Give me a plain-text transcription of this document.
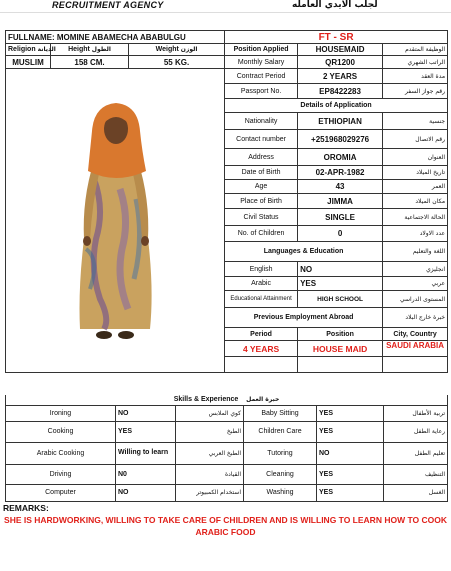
RECRUITMENT AGENCY	لجلب الايدي العامله
FULLNAME: MOMINE ABAMECHA ABABULGU			FT - SR		
Religion الديانة	Height الطول	Weight الوزن	Position Applied	HOUSEMAID	الوظيفة المتقدم
MUSLIM	158 CM.	55 KG.	Monthly Salary	QR1200	الراتب الشهري
	Contract Period	2 YEARS	مدة العقد
			Passport No.	EP8422283	رقم جواز السفر
			Details of Application		
			Nationality	ETHIOPIAN	جنسية
			Contact number	+251968029276	رقم الاتصال
			Address	OROMIA	العنوان
			Date of Birth	02-APR-1982	تاريخ الميلاد
			Age	43	العمر
			Place of Birth	JIMMA	مكان الميلاد
			Civil Status	SINGLE	الحالة الاجتماعية
			No. of Children	0	عدد الاولاد
			Languages & Education		اللغة والتعليم
			English	NO	انجليزي
			Arabic	YES	عربي
			Educational Attainment	HIGH SCHOOL	المستوى الدراسي
			Previous Employment Abroad		خبرة خارج البلاد
			Period	Position	City, Country
			4 YEARS	HOUSE MAID	SAUDI ARABIA

Skills & Experience خبرة العمل					
Ironing	NO	كوي الملابس	Baby Sitting	YES	تربية الأطفال
Cooking	YES	الطبخ	Children Care	YES	رعاية الطفل
Arabic Cooking	Willing to learn	الطبخ العربي	Tutoring	NO	تعليم الطفل
Driving	N0	القيادة	Cleaning	YES	التنظيف
Computer	NO	استخدام الكمبيوتر	Washing	YES	الغسل
REMARKS:
SHE IS HARDWORKING, WILLING TO TAKE CARE OF CHILDREN AND IS WILLING TO LEARN HOW TO COOK ARABIC FOOD
